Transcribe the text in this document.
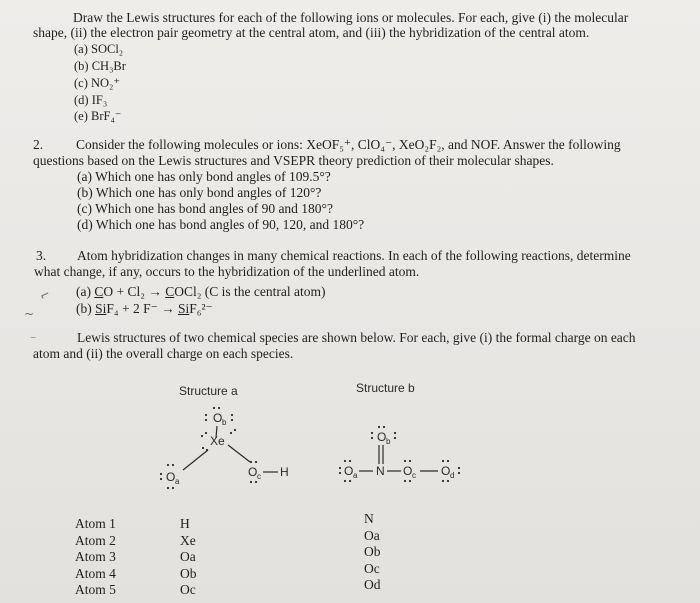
Draw the Lewis structures for each of the following ions or molecules. For each, give (i) the molecular
shape, (ii) the electron pair geometry at the central atom, and (iii) the hybridization of the central atom.
(a) SOCl₂
(b) CH₃Br
(c) NO₂⁺
(d) IF₃
(e) BrF₄⁻
2. Consider the following molecules or ions: XeOF₅⁺, ClO₄⁻, XeO₂F₂, and NOF. Answer the following
questions based on the Lewis structures and VSEPR theory prediction of their molecular shapes.
(a) Which one has only bond angles of 109.5°?
(b) Which one has only bond angles of 120°?
(c) Which one has bond angles of 90 and 180°?
(d) Which one has bond angles of 90, 120, and 180°?
3. Atom hybridization changes in many chemical reactions. In each of the following reactions, determine
what change, if any, occurs to the hybridization of the underlined atom.
(a) CO + Cl₂ → COCl₂ (C is the central atom)
(b) SiF₄ + 2 F⁻ → SiF₆²⁻
⌐
~
⁻	Lewis structures of two chemical species are shown below. For each, give (i) the formal charge on each
atom and (ii) the overall charge on each species.
Structure a	Structure b
O b
Xe
O a
O c H
O b
O a N O c O d
Atom 1
Atom 2
Atom 3
Atom 4
Atom 5
H
Xe
Oa
Ob
Oc
N
Oa
Ob
Oc
Od
